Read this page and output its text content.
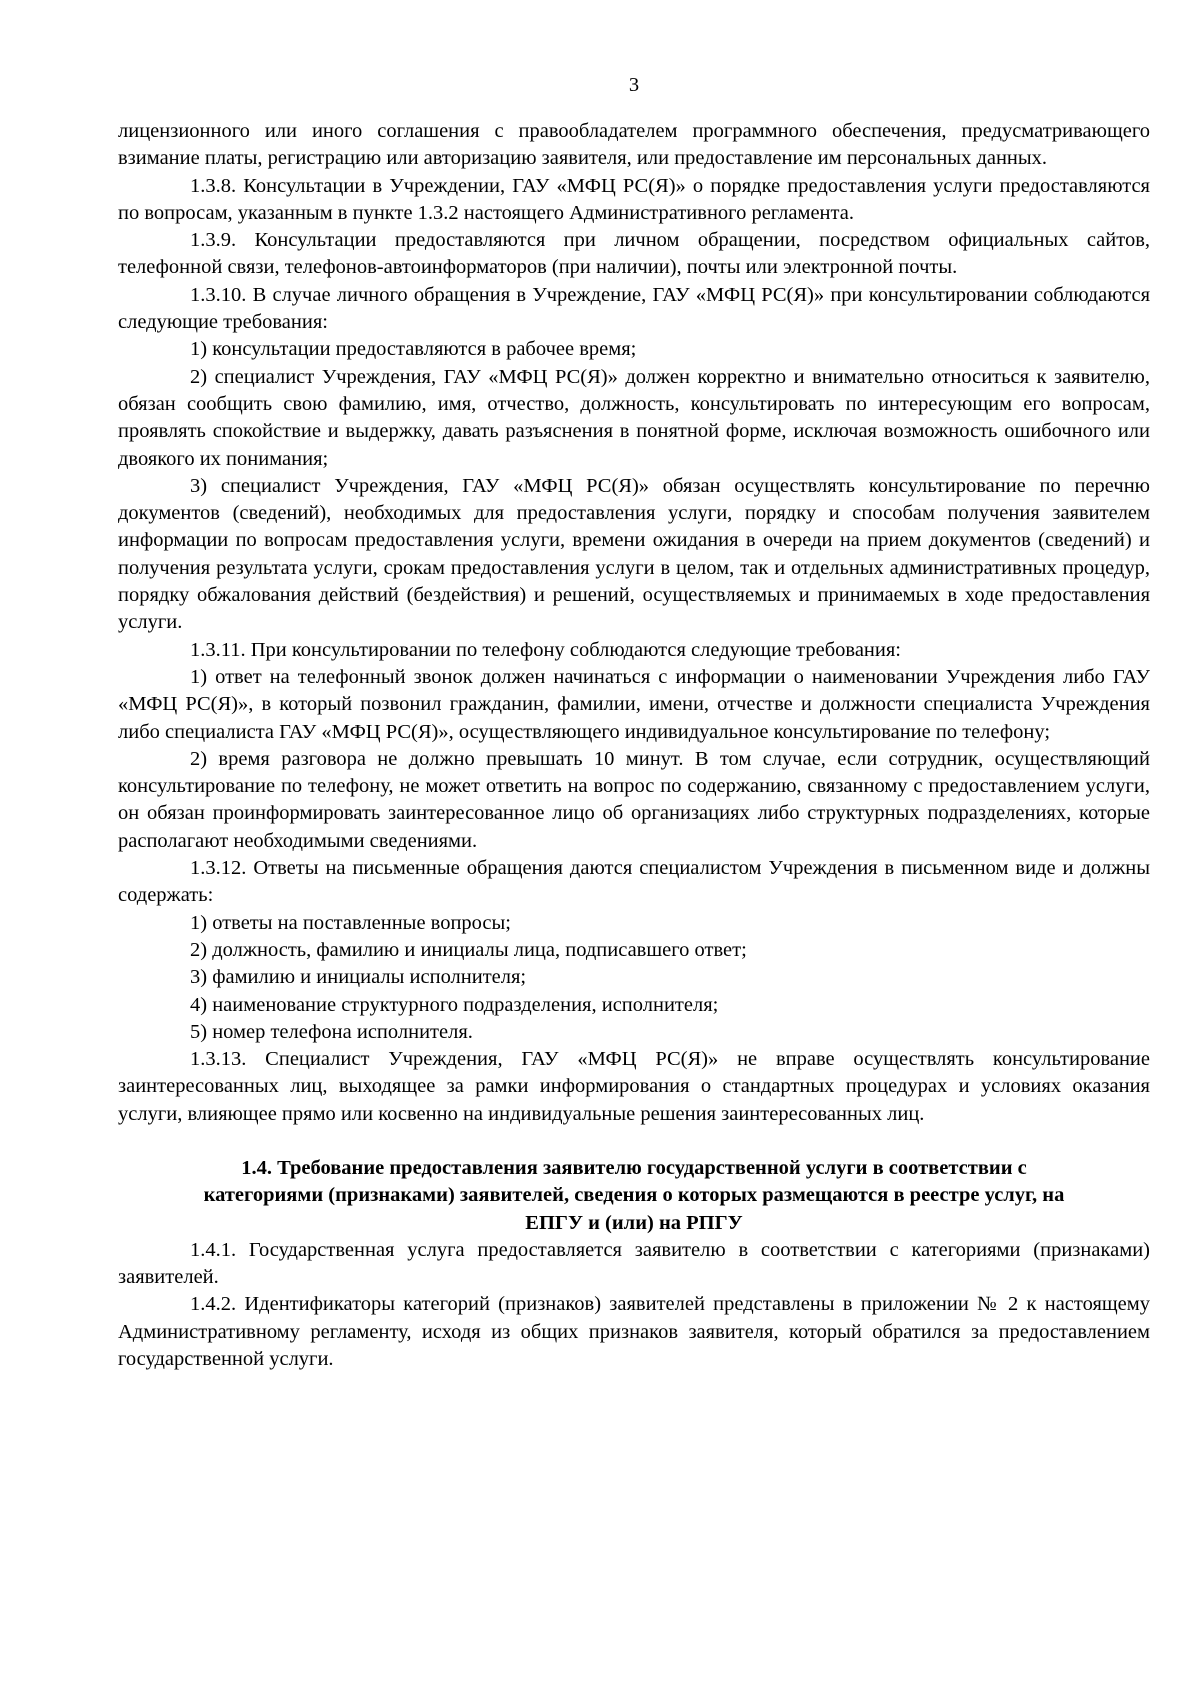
3

лицензионного или иного соглашения с правообладателем программного обеспечения, предусматривающего взимание платы, регистрацию или авторизацию заявителя, или предоставление им персональных данных.

1.3.8. Консультации в Учреждении, ГАУ «МФЦ РС(Я)» о порядке предоставления услуги предоставляются по вопросам, указанным в пункте 1.3.2 настоящего Административного регламента.

1.3.9. Консультации предоставляются при личном обращении, посредством официальных сайтов, телефонной связи, телефонов-автоинформаторов (при наличии), почты или электронной почты.

1.3.10. В случае личного обращения в Учреждение, ГАУ «МФЦ РС(Я)» при консультировании соблюдаются следующие требования:

1) консультации предоставляются в рабочее время;

2) специалист Учреждения, ГАУ «МФЦ РС(Я)» должен корректно и внимательно относиться к заявителю, обязан сообщить свою фамилию, имя, отчество, должность, консультировать по интересующим его вопросам, проявлять спокойствие и выдержку, давать разъяснения в понятной форме, исключая возможность ошибочного или двоякого их понимания;

3) специалист Учреждения, ГАУ «МФЦ РС(Я)» обязан осуществлять консультирование по перечню документов (сведений), необходимых для предоставления услуги, порядку и способам получения заявителем информации по вопросам предоставления услуги, времени ожидания в очереди на прием документов (сведений) и получения результата услуги, срокам предоставления услуги в целом, так и отдельных административных процедур, порядку обжалования действий (бездействия) и решений, осуществляемых и принимаемых в ходе предоставления услуги.

1.3.11. При консультировании по телефону соблюдаются следующие требования:

1) ответ на телефонный звонок должен начинаться с информации о наименовании Учреждения либо ГАУ «МФЦ РС(Я)», в который позвонил гражданин, фамилии, имени, отчестве и должности специалиста Учреждения либо специалиста ГАУ «МФЦ РС(Я)», осуществляющего индивидуальное консультирование по телефону;

2) время разговора не должно превышать 10 минут. В том случае, если сотрудник, осуществляющий консультирование по телефону, не может ответить на вопрос по содержанию, связанному с предоставлением услуги, он обязан проинформировать заинтересованное лицо об организациях либо структурных подразделениях, которые располагают необходимыми сведениями.

1.3.12. Ответы на письменные обращения даются специалистом Учреждения в письменном виде и должны содержать:

1) ответы на поставленные вопросы;

2) должность, фамилию и инициалы лица, подписавшего ответ;

3) фамилию и инициалы исполнителя;

4) наименование структурного подразделения, исполнителя;

5) номер телефона исполнителя.

1.3.13. Специалист Учреждения, ГАУ «МФЦ РС(Я)» не вправе осуществлять консультирование заинтересованных лиц, выходящее за рамки информирования о стандартных процедурах и условиях оказания услуги, влияющее прямо или косвенно на индивидуальные решения заинтересованных лиц.

1.4. Требование предоставления заявителю государственной услуги в соответствии с
категориями (признаками) заявителей, сведения о которых размещаются в реестре услуг, на
ЕПГУ и (или) на РПГУ

1.4.1. Государственная услуга предоставляется заявителю в соответствии с категориями (признаками) заявителей.

1.4.2. Идентификаторы категорий (признаков) заявителей представлены в приложении № 2 к настоящему Административному регламенту, исходя из общих признаков заявителя, который обратился за предоставлением государственной услуги.
